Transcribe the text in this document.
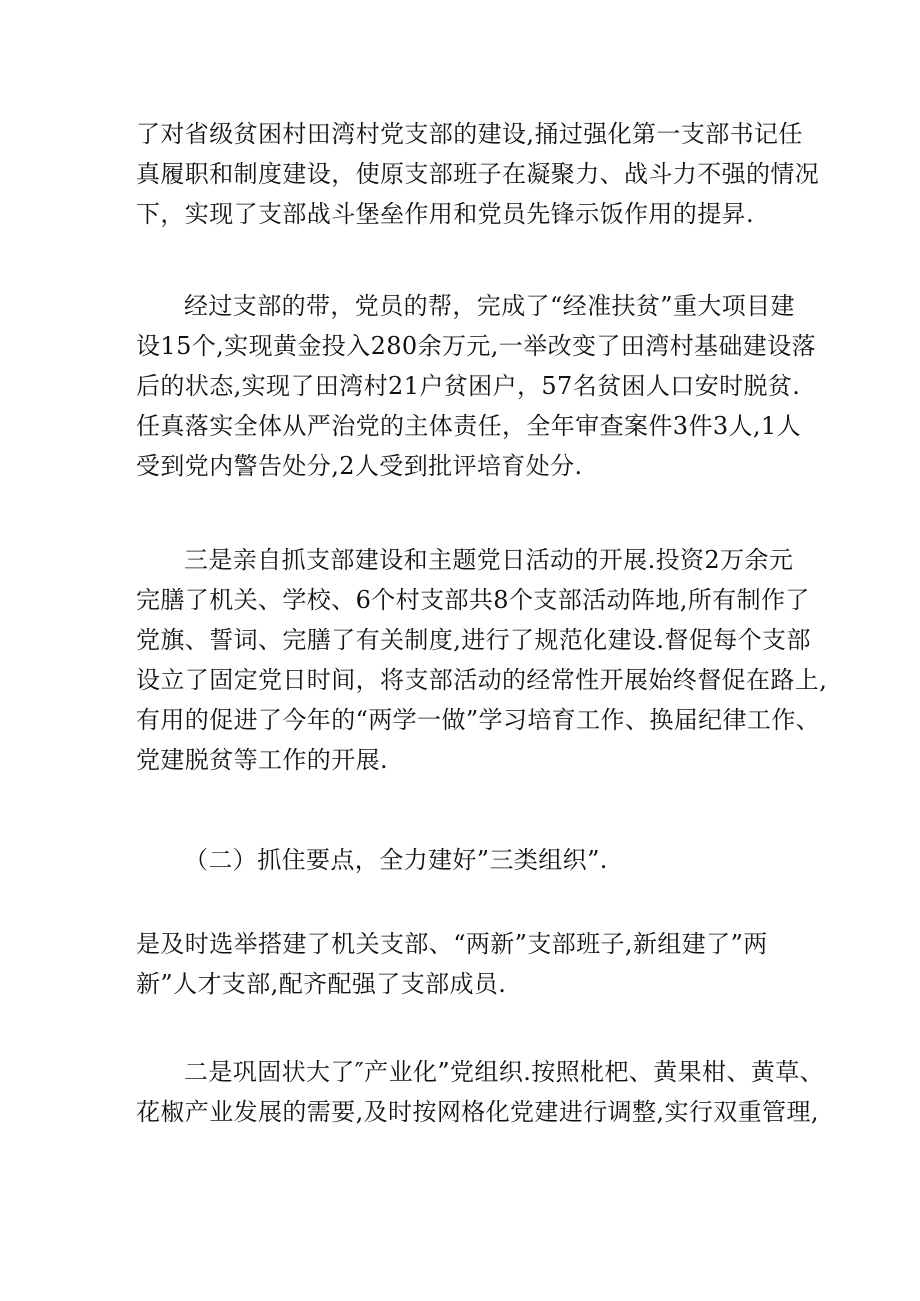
了对省级贫困村田湾村党支部的建设,捅过强化第一支部书记任
真履职和制度建设，使原支部班子在凝聚力、战斗力不强的情况
下，实现了支部战斗堡垒作用和党员先锋示饭作用的提昇.

经过支部的带，党员的帮，完成了“经准扶贫”重大项目建
设15个,实现黄金投入280余万元,一举改变了田湾村基础建设落
后的状态,实现了田湾村21户贫困户，57名贫困人口安时脱贫.
任真落实全体从严治党的主体责任，全年审查案件3件3人,1人
受到党内警告处分,2人受到批评培育处分.

三是亲自抓支部建设和主题党日活动的开展.投资2万余元
完膳了机关、学校、6个村支部共8个支部活动阵地,所有制作了
党旗、誓词、完膳了有关制度,进行了规范化建设.督促每个支部
设立了固定党日时间，将支部活动的经常性开展始终督促在路上,
有用的促进了今年的“两学一做”学习培育工作、换届纪律工作、
党建脱贫等工作的开展.

（二）抓住要点，全力建好”三类组织”.

是及时选举搭建了机关支部、“两新”支部班子,新组建了”两
新”人才支部,配齐配强了支部成员.

二是巩固状大了″产业化”党组织.按照枇杷、黄果柑、黄草、
花椒产业发展的需要,及时按网格化党建进行调整,实行双重管理,
